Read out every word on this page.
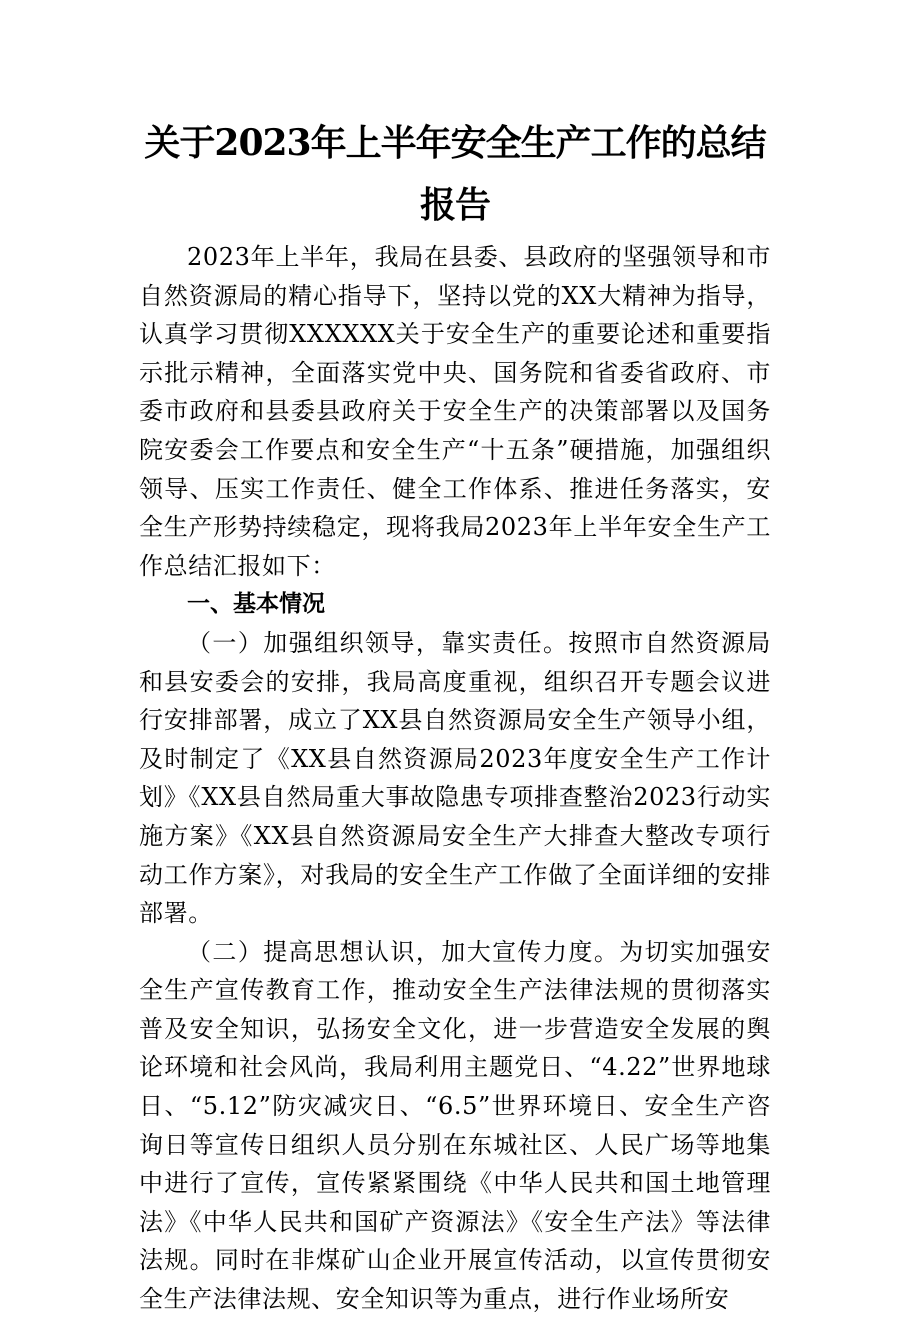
关于2023年上半年安全生产工作的总结报告

2023年上半年，我局在县委、县政府的坚强领导和市自然资源局的精心指导下，坚持以党的XX大精神为指导，认真学习贯彻XXXXXX关于安全生产的重要论述和重要指示批示精神，全面落实党中央、国务院和省委省政府、市委市政府和县委县政府关于安全生产的决策部署以及国务院安委会工作要点和安全生产“十五条”硬措施，加强组织领导、压实工作责任、健全工作体系、推进任务落实，安全生产形势持续稳定，现将我局2023年上半年安全生产工作总结汇报如下：

一、基本情况

（一）加强组织领导，靠实责任。按照市自然资源局和县安委会的安排，我局高度重视，组织召开专题会议进行安排部署，成立了XX县自然资源局安全生产领导小组，及时制定了《XX县自然资源局2023年度安全生产工作计划》《XX县自然局重大事故隐患专项排查整治2023行动实施方案》《XX县自然资源局安全生产大排查大整改专项行动工作方案》，对我局的安全生产工作做了全面详细的安排部署。

（二）提高思想认识，加大宣传力度。为切实加强安全生产宣传教育工作，推动安全生产法律法规的贯彻落实普及安全知识，弘扬安全文化，进一步营造安全发展的舆论环境和社会风尚，我局利用主题党日、“4.22”世界地球日、“5.12”防灾减灾日、“6.5”世界环境日、安全生产咨询日等宣传日组织人员分别在东城社区、人民广场等地集中进行了宣传，宣传紧紧围绕《中华人民共和国土地管理法》《中华人民共和国矿产资源法》《安全生产法》等法律法规。同时在非煤矿山企业开展宣传活动，以宣传贯彻安全生产法律法规、安全知识等为重点，进行作业场所安
